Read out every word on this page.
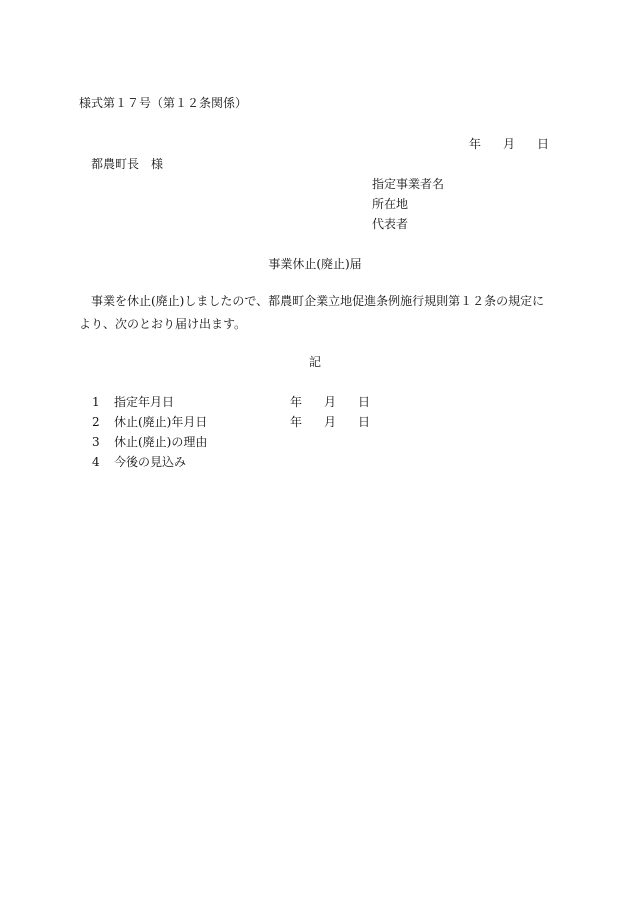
様式第１７号（第１２条関係）
年 月 日
都農町長　様
指定事業者名
所在地
代表者
事業休止(廃止)届
事業を休止(廃止)しましたので、都農町企業立地促進条例施行規則第１２条の規定により、次のとおり届け出ます。
記
1 指定年月日	年 月 日
2 休止(廃止)年月日	年 月 日
3 休止(廃止)の理由
4 今後の見込み
